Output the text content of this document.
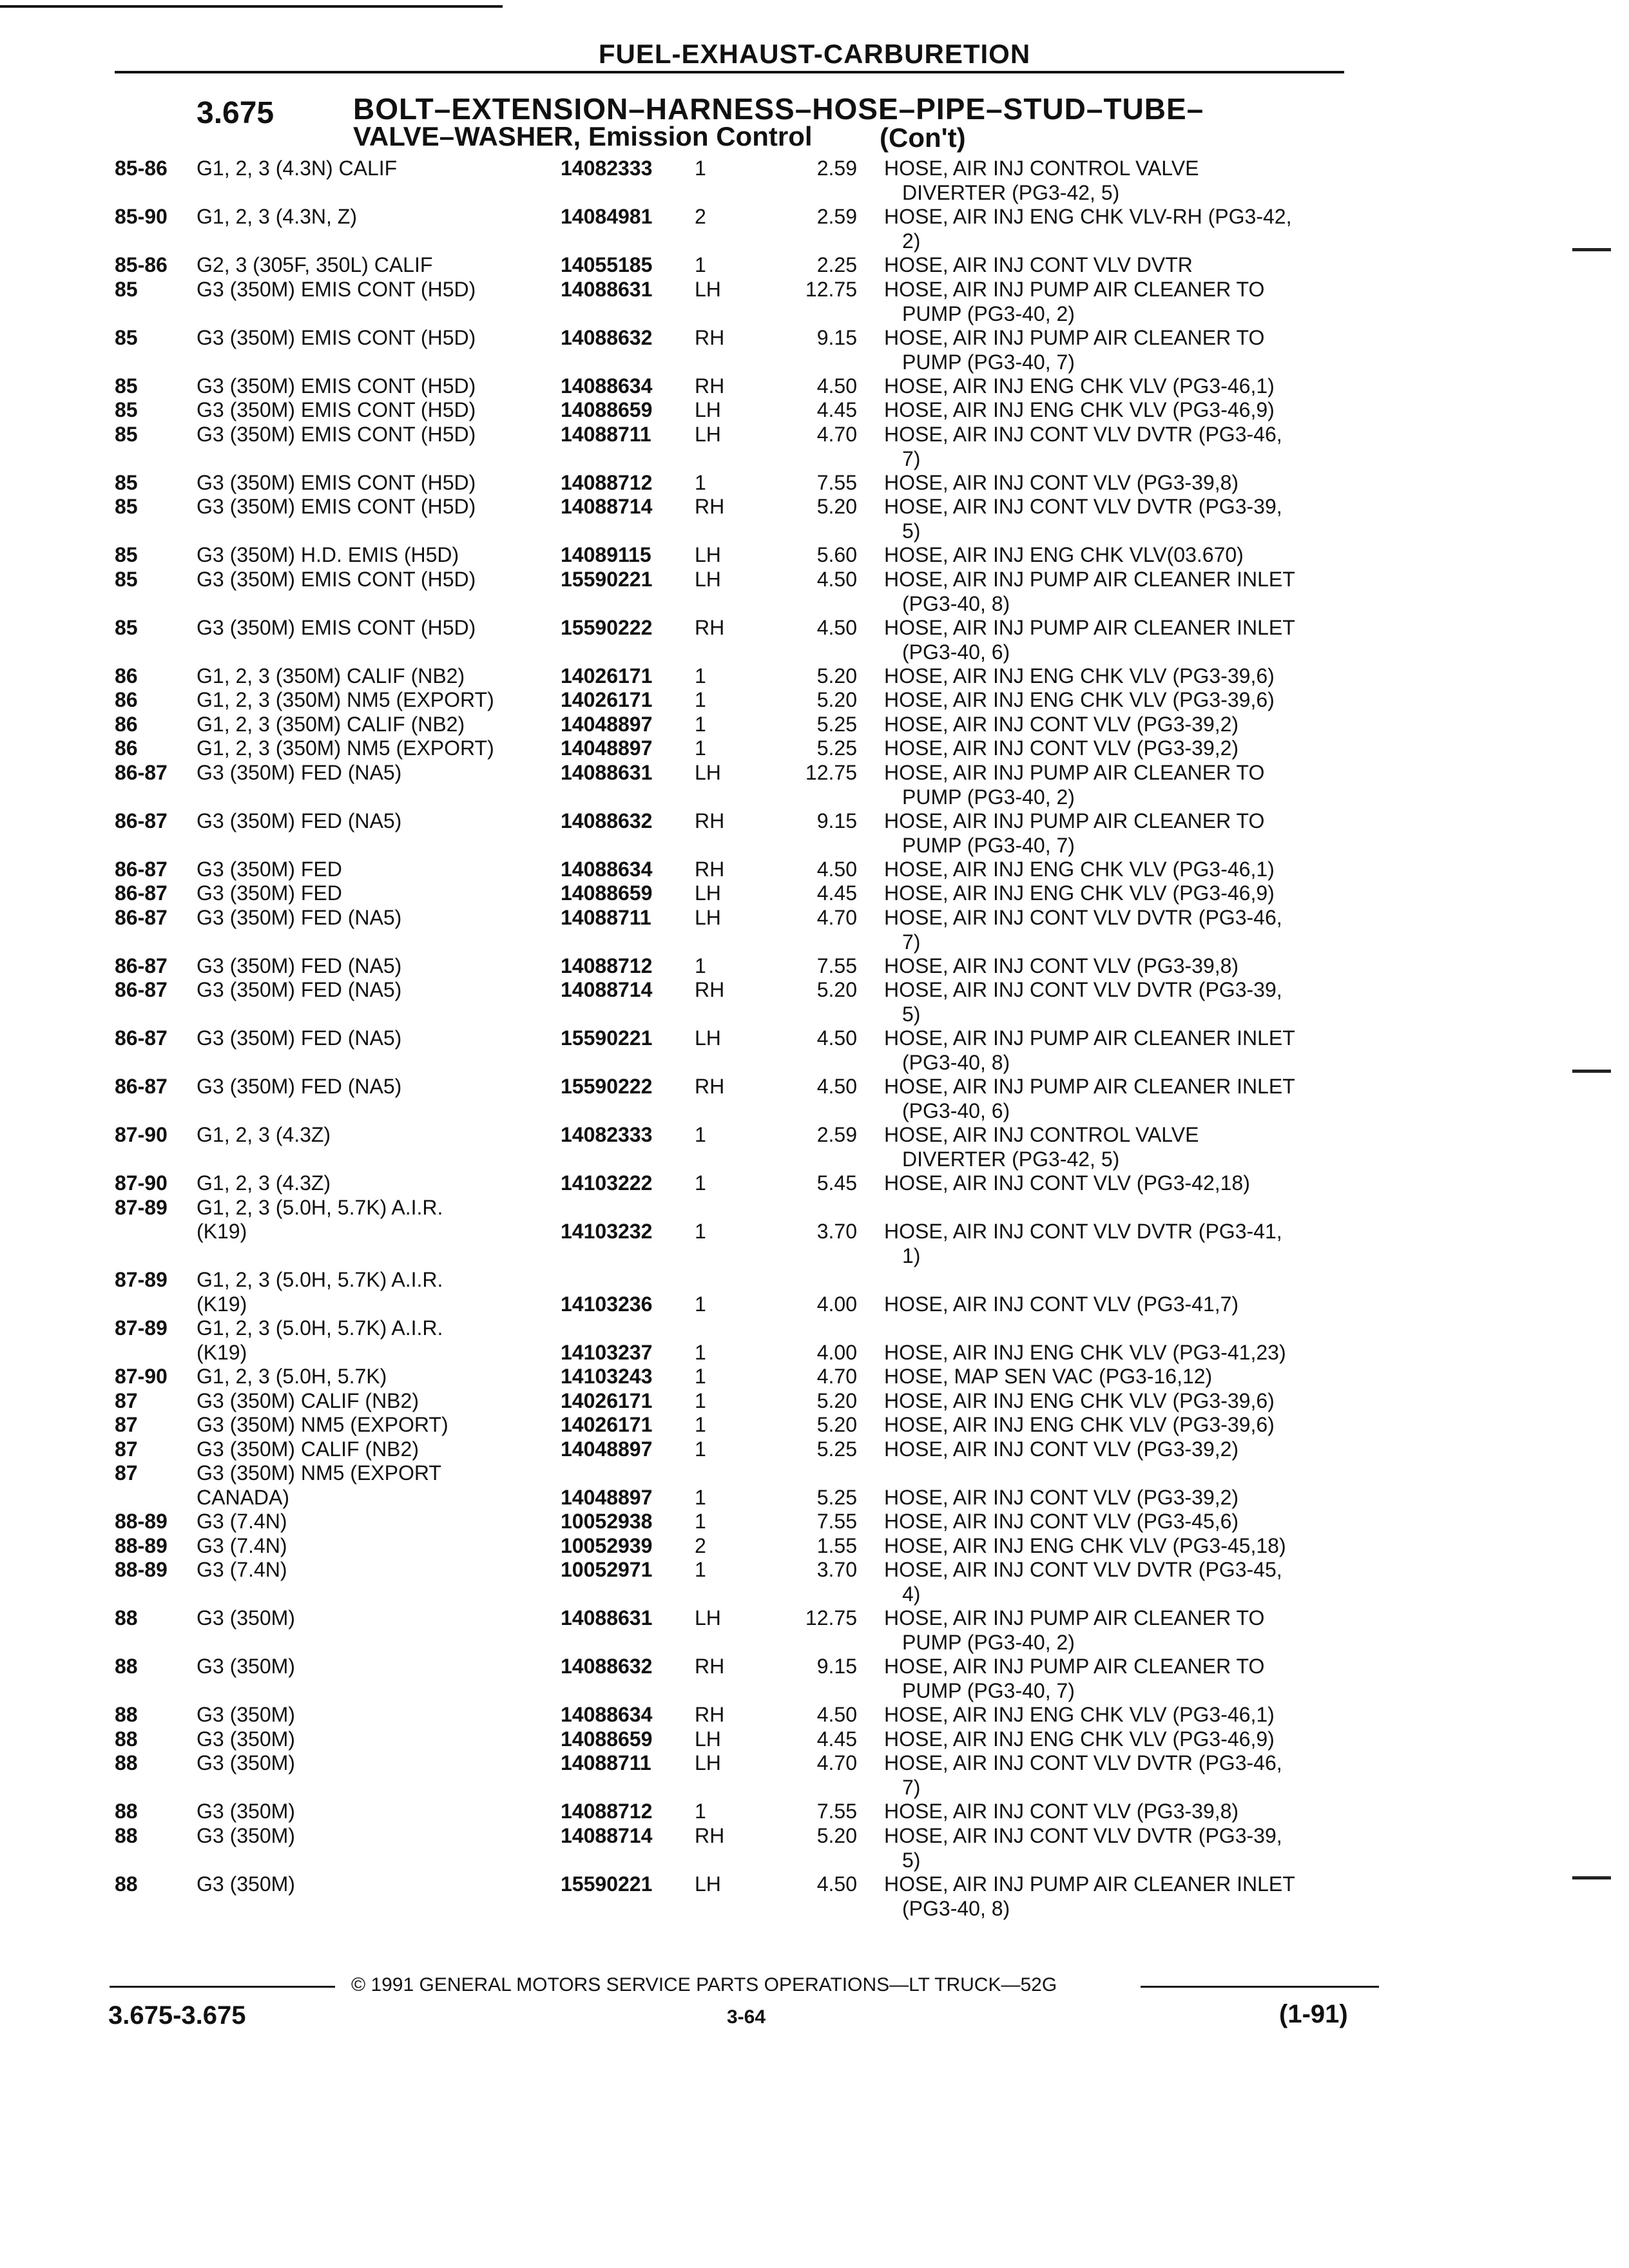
FUEL-EXHAUST-CARBURETION
3.675	BOLT–EXTENSION–HARNESS–HOSE–PIPE–STUD–TUBE–
VALVE–WASHER, Emission Control (Con't)
85-86 G1, 2, 3 (4.3N) CALIF	14082333 1	2.59 HOSE, AIR INJ CONTROL VALVE
DIVERTER (PG3-42, 5)
85-90 G1, 2, 3 (4.3N, Z)	14084981 2	2.59 HOSE, AIR INJ ENG CHK VLV-RH (PG3-42,
2)
85-86 G2, 3 (305F, 350L) CALIF	14055185 1	2.25 HOSE, AIR INJ CONT VLV DVTR
85	G3 (350M) EMIS CONT (H5D)	14088631 LH	12.75 HOSE, AIR INJ PUMP AIR CLEANER TO
PUMP (PG3-40, 2)
85	G3 (350M) EMIS CONT (H5D)	14088632 RH	9.15 HOSE, AIR INJ PUMP AIR CLEANER TO
PUMP (PG3-40, 7)
85	G3 (350M) EMIS CONT (H5D)	14088634 RH	4.50 HOSE, AIR INJ ENG CHK VLV (PG3-46,1)
85	G3 (350M) EMIS CONT (H5D)	14088659 LH	4.45 HOSE, AIR INJ ENG CHK VLV (PG3-46,9)
85	G3 (350M) EMIS CONT (H5D)	14088711 LH	4.70 HOSE, AIR INJ CONT VLV DVTR (PG3-46,
7)
85	G3 (350M) EMIS CONT (H5D)	14088712 1	7.55 HOSE, AIR INJ CONT VLV (PG3-39,8)
85	G3 (350M) EMIS CONT (H5D)	14088714 RH	5.20 HOSE, AIR INJ CONT VLV DVTR (PG3-39,
5)
85	G3 (350M) H.D. EMIS (H5D)	14089115 LH	5.60 HOSE, AIR INJ ENG CHK VLV(03.670)
85	G3 (350M) EMIS CONT (H5D)	15590221 LH	4.50 HOSE, AIR INJ PUMP AIR CLEANER INLET
(PG3-40, 8)
85	G3 (350M) EMIS CONT (H5D)	15590222 RH	4.50 HOSE, AIR INJ PUMP AIR CLEANER INLET
(PG3-40, 6)
86	G1, 2, 3 (350M) CALIF (NB2)	14026171 1	5.20 HOSE, AIR INJ ENG CHK VLV (PG3-39,6)
86	G1, 2, 3 (350M) NM5 (EXPORT)	14026171 1	5.20 HOSE, AIR INJ ENG CHK VLV (PG3-39,6)
86	G1, 2, 3 (350M) CALIF (NB2)	14048897 1	5.25 HOSE, AIR INJ CONT VLV (PG3-39,2)
86	G1, 2, 3 (350M) NM5 (EXPORT)	14048897 1	5.25 HOSE, AIR INJ CONT VLV (PG3-39,2)
86-87 G3 (350M) FED (NA5)	14088631 LH	12.75 HOSE, AIR INJ PUMP AIR CLEANER TO
PUMP (PG3-40, 2)
86-87 G3 (350M) FED (NA5)	14088632 RH	9.15 HOSE, AIR INJ PUMP AIR CLEANER TO
PUMP (PG3-40, 7)
86-87 G3 (350M) FED	14088634 RH	4.50 HOSE, AIR INJ ENG CHK VLV (PG3-46,1)
86-87 G3 (350M) FED	14088659 LH	4.45 HOSE, AIR INJ ENG CHK VLV (PG3-46,9)
86-87 G3 (350M) FED (NA5)	14088711 LH	4.70 HOSE, AIR INJ CONT VLV DVTR (PG3-46,
7)
86-87 G3 (350M) FED (NA5)	14088712 1	7.55 HOSE, AIR INJ CONT VLV (PG3-39,8)
86-87 G3 (350M) FED (NA5)	14088714 RH	5.20 HOSE, AIR INJ CONT VLV DVTR (PG3-39,
5)
86-87 G3 (350M) FED (NA5)	15590221 LH	4.50 HOSE, AIR INJ PUMP AIR CLEANER INLET
(PG3-40, 8)
86-87 G3 (350M) FED (NA5)	15590222 RH	4.50 HOSE, AIR INJ PUMP AIR CLEANER INLET
(PG3-40, 6)
87-90 G1, 2, 3 (4.3Z)	14082333 1	2.59 HOSE, AIR INJ CONTROL VALVE
DIVERTER (PG3-42, 5)
87-90 G1, 2, 3 (4.3Z)	14103222 1	5.45 HOSE, AIR INJ CONT VLV (PG3-42,18)
87-89 G1, 2, 3 (5.0H, 5.7K) A.I.R.
(K19)	14103232 1	3.70 HOSE, AIR INJ CONT VLV DVTR (PG3-41,
1)
87-89 G1, 2, 3 (5.0H, 5.7K) A.I.R.
(K19)	14103236 1	4.00 HOSE, AIR INJ CONT VLV (PG3-41,7)
87-89 G1, 2, 3 (5.0H, 5.7K) A.I.R.
(K19)	14103237 1	4.00 HOSE, AIR INJ ENG CHK VLV (PG3-41,23)
87-90 G1, 2, 3 (5.0H, 5.7K)	14103243 1	4.70 HOSE, MAP SEN VAC (PG3-16,12)
87	G3 (350M) CALIF (NB2)	14026171 1	5.20 HOSE, AIR INJ ENG CHK VLV (PG3-39,6)
87	G3 (350M) NM5 (EXPORT)	14026171 1	5.20 HOSE, AIR INJ ENG CHK VLV (PG3-39,6)
87	G3 (350M) CALIF (NB2)	14048897 1	5.25 HOSE, AIR INJ CONT VLV (PG3-39,2)
87	G3 (350M) NM5 (EXPORT
CANADA)	14048897 1	5.25 HOSE, AIR INJ CONT VLV (PG3-39,2)
88-89 G3 (7.4N)	10052938 1	7.55 HOSE, AIR INJ CONT VLV (PG3-45,6)
88-89 G3 (7.4N)	10052939 2	1.55 HOSE, AIR INJ ENG CHK VLV (PG3-45,18)
88-89 G3 (7.4N)	10052971 1	3.70 HOSE, AIR INJ CONT VLV DVTR (PG3-45,
4)
88	G3 (350M)	14088631 LH	12.75 HOSE, AIR INJ PUMP AIR CLEANER TO
PUMP (PG3-40, 2)
88	G3 (350M)	14088632 RH	9.15 HOSE, AIR INJ PUMP AIR CLEANER TO
PUMP (PG3-40, 7)
88	G3 (350M)	14088634 RH	4.50 HOSE, AIR INJ ENG CHK VLV (PG3-46,1)
88	G3 (350M)	14088659 LH	4.45 HOSE, AIR INJ ENG CHK VLV (PG3-46,9)
88	G3 (350M)	14088711 LH	4.70 HOSE, AIR INJ CONT VLV DVTR (PG3-46,
7)
88	G3 (350M)	14088712 1	7.55 HOSE, AIR INJ CONT VLV (PG3-39,8)
88	G3 (350M)	14088714 RH	5.20 HOSE, AIR INJ CONT VLV DVTR (PG3-39,
5)
88	G3 (350M)	15590221 LH	4.50 HOSE, AIR INJ PUMP AIR CLEANER INLET
(PG3-40, 8)
© 1991 GENERAL MOTORS SERVICE PARTS OPERATIONS—LT TRUCK—52G
3.675-3.675	3-64	(1-91)
